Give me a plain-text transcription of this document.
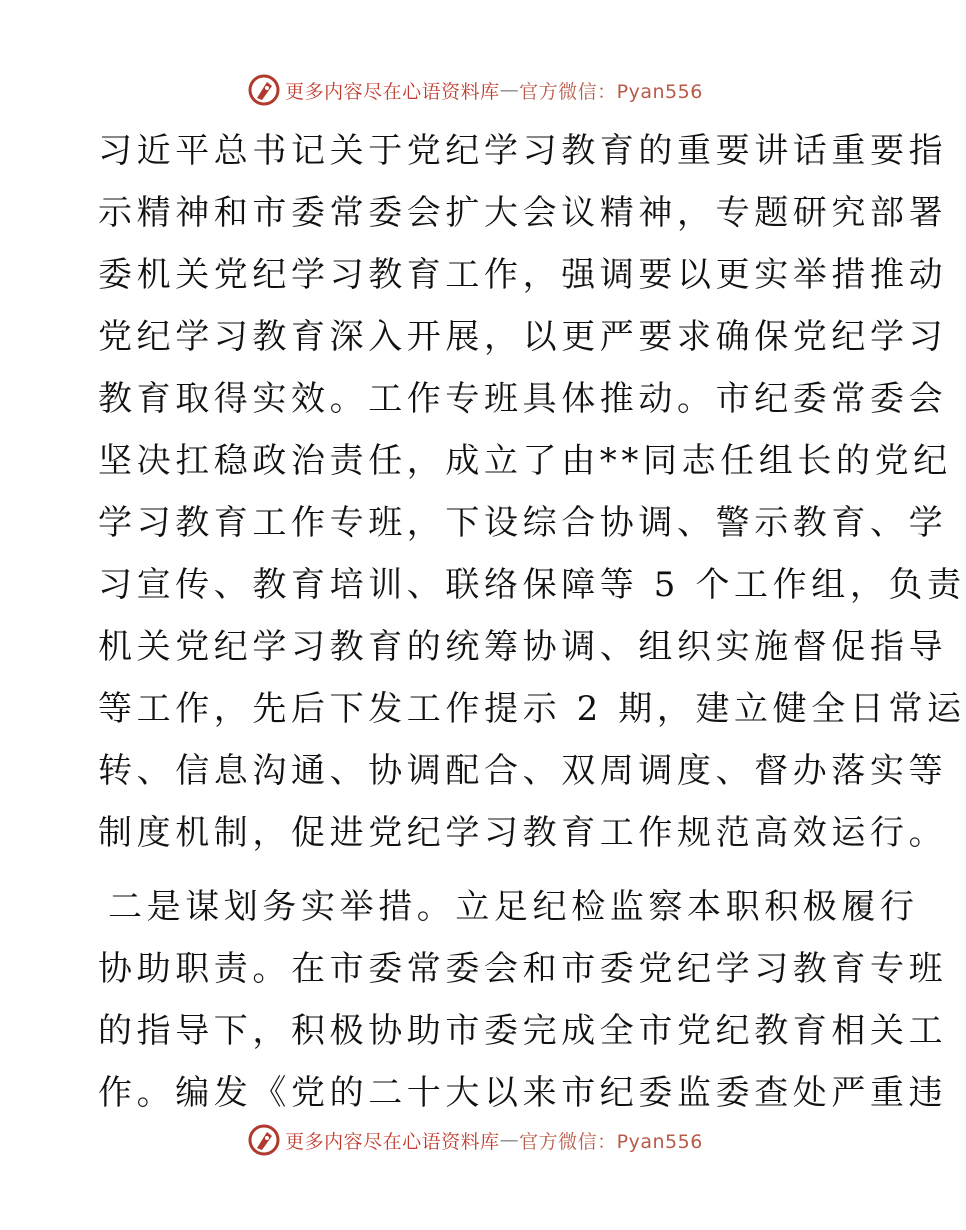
更多内容尽在心语资料库 — 官方微信：Pyan556
习近平总书记关于党纪学习教育的重要讲话重要指
示精神和市委常委会扩大会议精神，专题研究部署
委机关党纪学习教育工作，强调要以更实举措推动
党纪学习教育深入开展，以更严要求确保党纪学习
教育取得实效。工作专班具体推动。市纪委常委会
坚决扛稳政治责任，成立了由**同志任组长的党纪
学习教育工作专班，下设综合协调、警示教育、学
习宣传、教育培训、联络保障等 5 个工作组，负责
机关党纪学习教育的统筹协调、组织实施督促指导
等工作，先后下发工作提示 2 期，建立健全日常运
转、信息沟通、协调配合、双周调度、督办落实等
制度机制，促进党纪学习教育工作规范高效运行。
二是谋划务实举措。立足纪检监察本职积极履行
协助职责。在市委常委会和市委党纪学习教育专班
的指导下，积极协助市委完成全市党纪教育相关工
作。编发《党的二十大以来市纪委监委查处严重违
更多内容尽在心语资料库 — 官方微信：Pyan556
